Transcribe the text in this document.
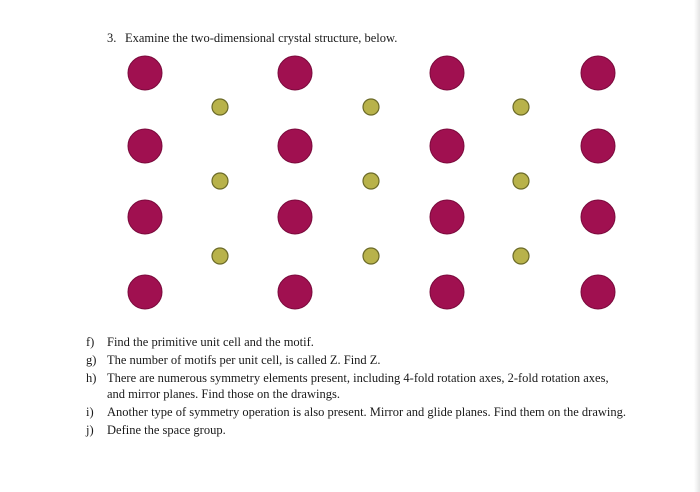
3. Examine the two-dimensional crystal structure, below.
f) Find the primitive unit cell and the motif.
g) The number of motifs per unit cell, is called Z. Find Z.
h) There are numerous symmetry elements present, including 4-fold rotation axes, 2-fold rotation axes, and mirror planes. Find those on the drawings.
i) Another type of symmetry operation is also present. Mirror and glide planes. Find them on the drawing.
j) Define the space group.
